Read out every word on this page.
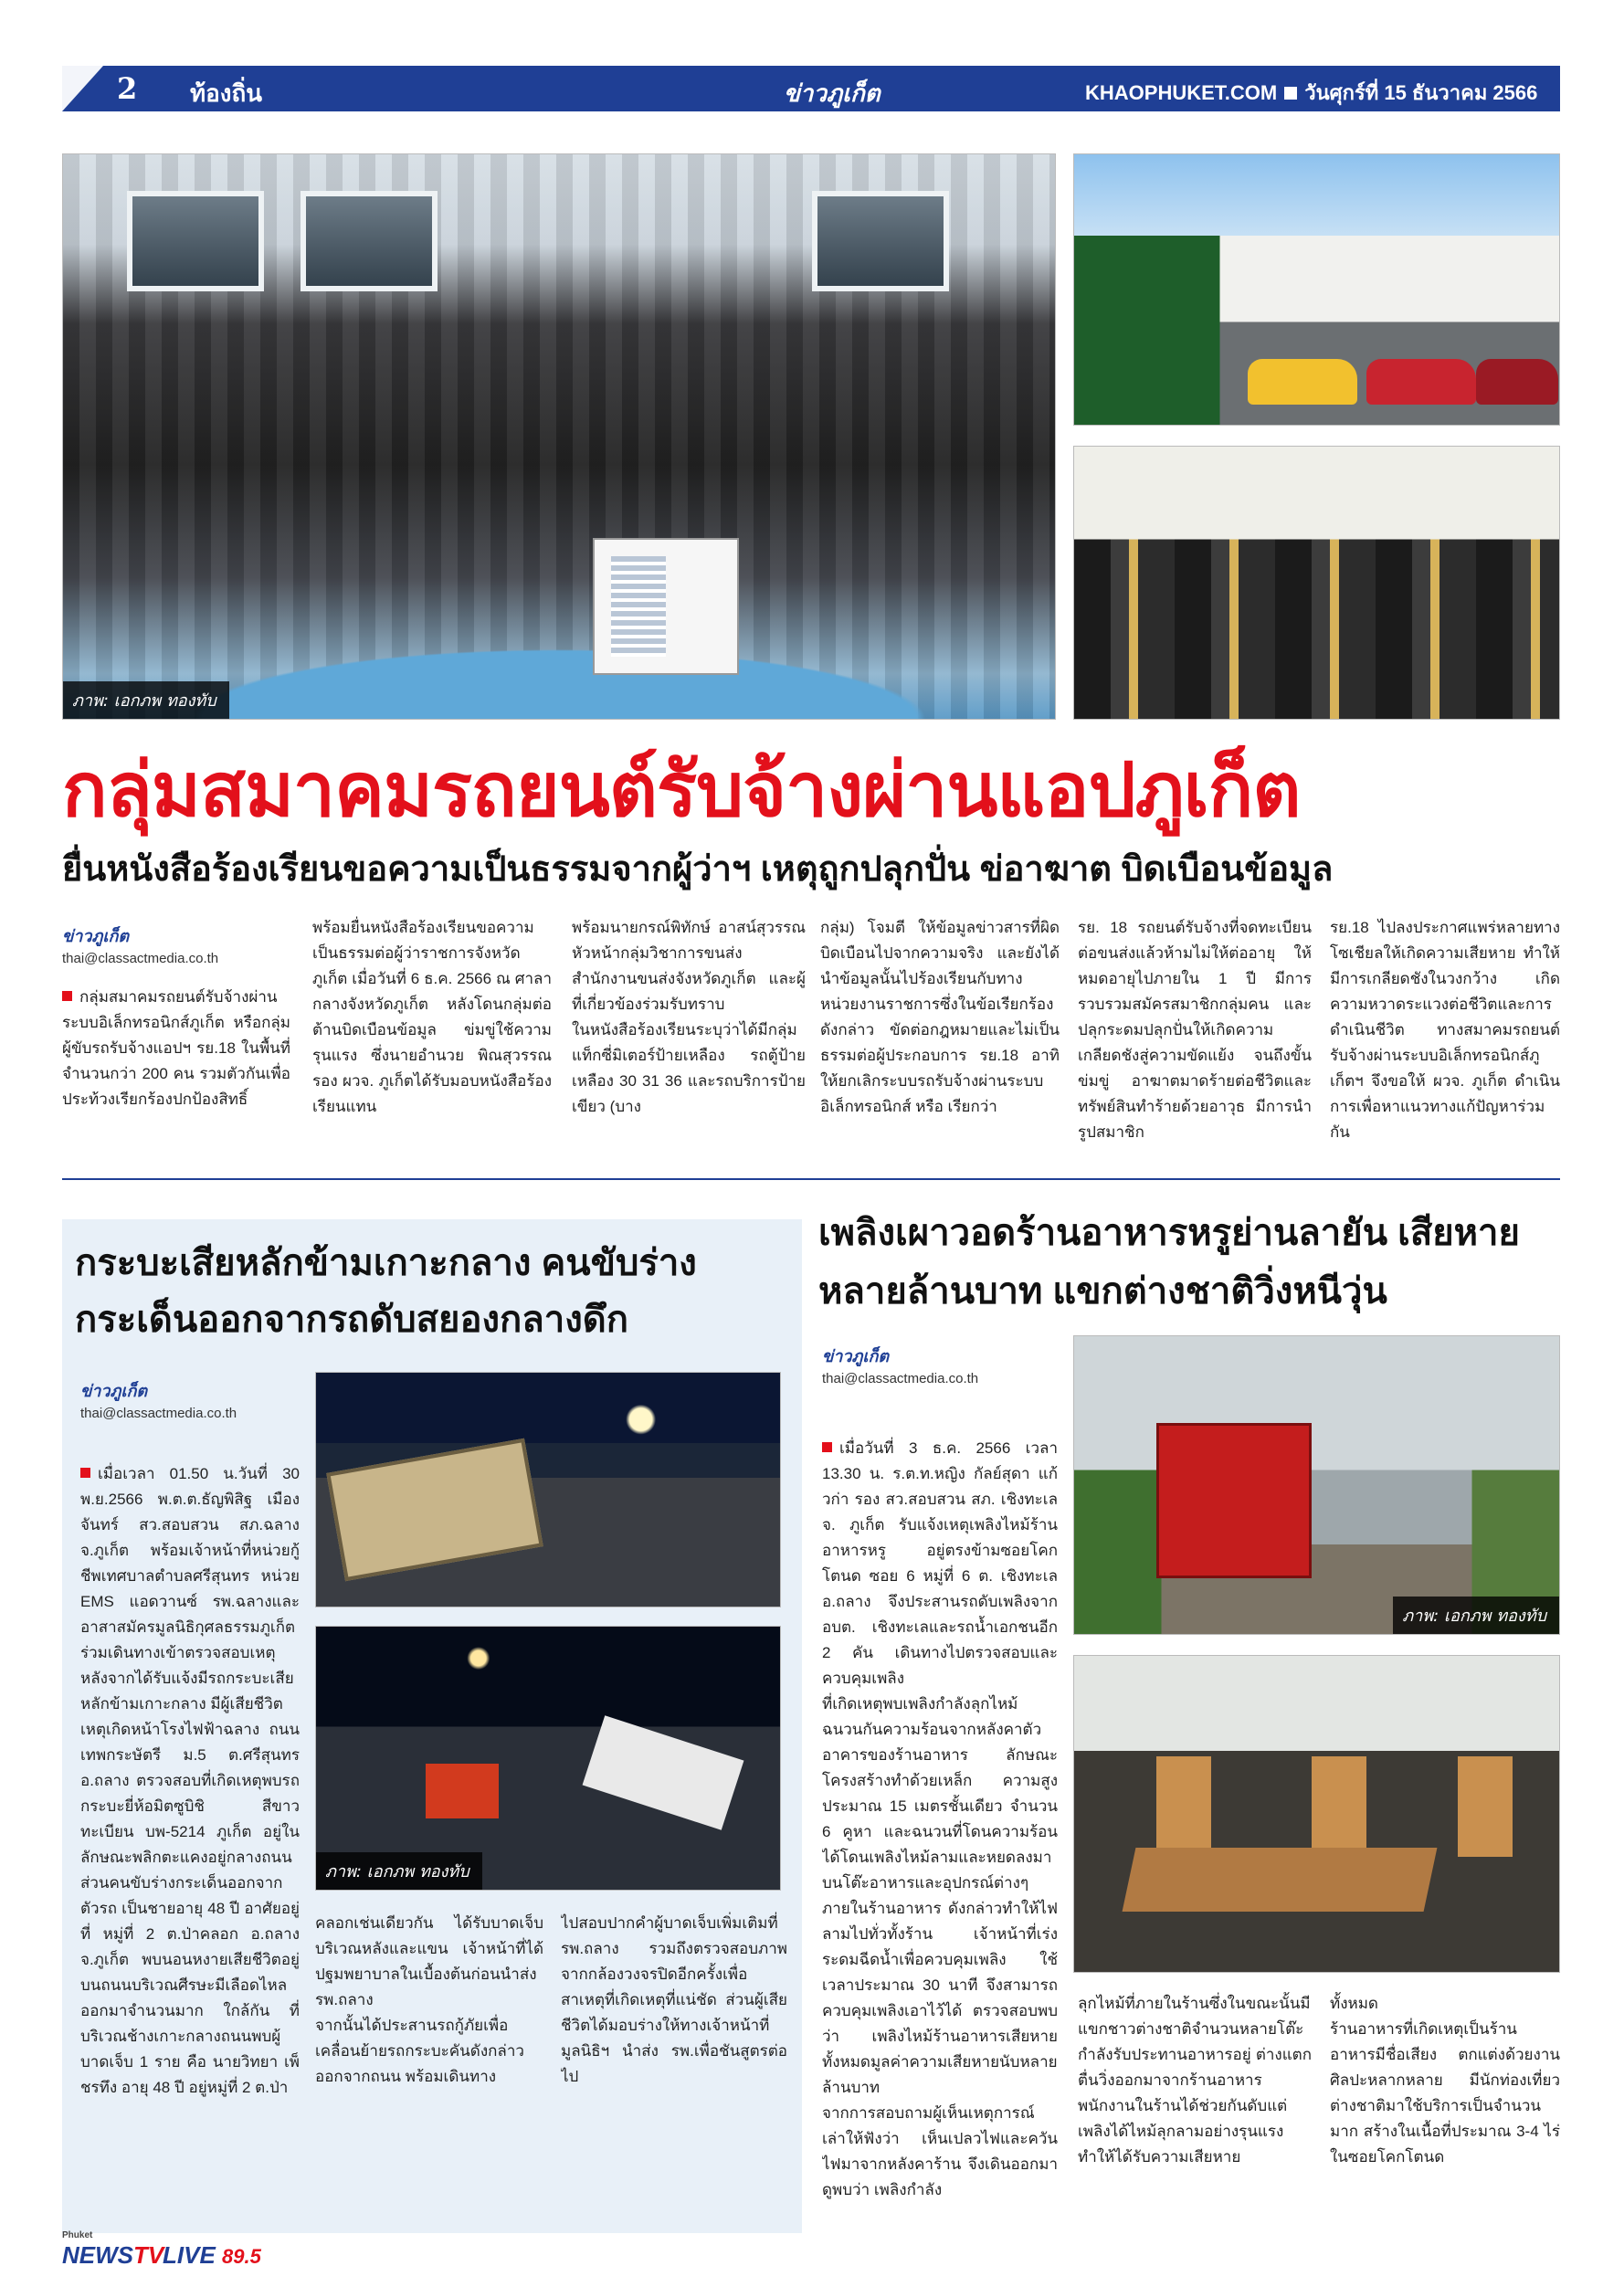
2 ท้องถิ่น	ข่าวภูเก็ต	KHAOPHUKET.COM วันศุกร์ที่ 15 ธันวาคม 2566
ภาพ: เอกภพ ทองทับ
กลุ่มสมาคมรถยนต์รับจ้างผ่านแอปภูเก็ต
ยื่นหนังสือร้องเรียนขอความเป็นธรรมจากผู้ว่าฯ เหตุถูกปลุกปั่น ข่อาฆาต บิดเบือนข้อมูล
ข่าวภูเก็ต
thai@classactmedia.co.th
กลุ่มสมาคมรถยนต์รับจ้างผ่านระบบอิเล็กทรอนิกส์ภูเก็ต หรือกลุ่มผู้ขับรถรับจ้างแอปฯ รย.18 ในพื้นที่ จำนวนกว่า 200 คน รวมตัวกันเพื่อประท้วงเรียกร้องปกป้องสิทธิ์
พร้อมยื่นหนังสือร้องเรียนขอความเป็นธรรมต่อผู้ว่าราชการจังหวัดภูเก็ต เมื่อวันที่ 6 ธ.ค. 2566 ณ ศาลากลางจังหวัดภูเก็ต หลังโดนกลุ่มต่อต้านบิดเบือนข้อมูล ข่มขู่ใช้ความรุนแรง ซึ่งนายอำนวย พิณสุวรรณ รอง ผวจ. ภูเก็ตได้รับมอบหนังสือร้องเรียนแทน
พร้อมนายกรณ์พิทักษ์ อาสน์สุวรรณ หัวหน้ากลุ่มวิชาการขนส่ง สำนักงานขนส่งจังหวัดภูเก็ต และผู้ที่เกี่ยวข้องร่วมรับทราบ
ในหนังสือร้องเรียนระบุว่าได้มีกลุ่มแท็กซี่มิเตอร์ป้ายเหลือง รถตู้ป้ายเหลือง 30 31 36 และรถบริการป้ายเขียว (บาง
กลุ่ม) โจมตี ให้ข้อมูลข่าวสารที่ผิด บิดเบือนไปจากความจริง และยังได้นำข้อมูลนั้นไปร้องเรียนกับทางหน่วยงานราชการซึ่งในข้อเรียกร้องดังกล่าว ขัดต่อกฎหมายและไม่เป็นธรรมต่อผู้ประกอบการ รย.18 อาทิ ให้ยกเลิกระบบรถรับจ้างผ่านระบบอิเล็กทรอนิกส์ หรือ เรียกว่า
รย. 18 รถยนต์รับจ้างที่จดทะเบียนต่อขนส่งแล้วห้ามไม่ให้ต่ออายุ ให้หมดอายุไปภายใน 1 ปี มีการรวบรวมสมัครสมาชิกกลุ่มคน และปลุกระดมปลุกปั่นให้เกิดความเกลียดชังสู่ความขัดแย้ง จนถึงขั้นข่มขู่ อาฆาตมาดร้ายต่อชีวิตและทรัพย์สินทำร้ายด้วยอาวุธ มีการนำรูปสมาชิก
รย.18 ไปลงประกาศแพร่หลายทางโซเชียลให้เกิดความเสียหาย ทำให้มีการเกลียดชังในวงกว้าง เกิดความหวาดระแวงต่อชีวิตและการดำเนินชีวิต ทางสมาคมรถยนต์รับจ้างผ่านระบบอิเล็กทรอนิกส์ภูเก็ตฯ จึงขอให้ ผวจ. ภูเก็ต ดำเนินการเพื่อหาแนวทางแก้ปัญหาร่วมกัน
กระบะเสียหลักข้ามเกาะกลาง คนขับร่างกระเด็นออกจากรถดับสยองกลางดึก
ข่าวภูเก็ต
thai@classactmedia.co.th

เมื่อเวลา 01.50 น.วันที่ 30 พ.ย.2566 พ.ต.ต.ธัญพิสิฐ เมืองจันทร์ สว.สอบสวน สภ.ฉลาง จ.ภูเก็ต พร้อมเจ้าหน้าที่หน่วยกู้ชีพเทศบาลตำบลศรีสุนทร หน่วย EMS แอดวานซ์ รพ.ฉลางและอาสาสมัครมูลนิธิกุศลธรรมภูเก็ต ร่วมเดินทางเข้าตรวจสอบเหตุหลังจากได้รับแจ้งมีรถกระบะเสียหลักข้ามเกาะกลาง มีผู้เสียชีวิต
เหตุเกิดหน้าโรงไฟฟ้าฉลาง ถนนเทพกระษัตรี ม.5 ต.ศรีสุนทร อ.ถลาง ตรวจสอบที่เกิดเหตุพบรถกระบะยี่ห้อมิตซูบิชิ สีขาว ทะเบียน บพ-5214 ภูเก็ต อยู่ในลักษณะพลิกตะแคงอยู่กลางถนน ส่วนคนขับร่างกระเด็นออกจากตัวรถ เป็นชายอายุ 48 ปี อาศัยอยู่ที่ หมู่ที่ 2 ต.ป่าคลอก อ.ถลาง จ.ภูเก็ต พบนอนหงายเสียชีวิตอยู่บนถนนบริเวณศีรษะมีเลือดไหลออกมาจำนวนมาก ใกล้กัน ที่บริเวณช้างเกาะกลางถนนพบผู้บาดเจ็บ 1 ราย คือ นายวิทยา เพ็ชรทึง อายุ 48 ปี อยู่หมู่ที่ 2 ต.ป่า

ภาพ: เอกภพ ทองทับ
คลอกเช่นเดียวกัน ได้รับบาดเจ็บบริเวณหลังและแขน เจ้าหน้าที่ได้ปฐมพยาบาลในเบื้องต้นก่อนนำส่ง รพ.ถลาง
จากนั้นได้ประสานรถกู้ภัยเพื่อเคลื่อนย้ายรถกระบะคันดังกล่าวออกจากถนน พร้อมเดินทาง
ไปสอบปากคำผู้บาดเจ็บเพิ่มเติมที่ รพ.ถลาง รวมถึงตรวจสอบภาพจากกล้องวงจรปิดอีกครั้งเพื่อสาเหตุที่เกิดเหตุที่แน่ชัด ส่วนผู้เสียชีวิตได้มอบร่างให้ทางเจ้าหน้าที่มูลนิธิฯ นำส่ง รพ.เพื่อชันสูตรต่อไป
เพลิงเผาวอดร้านอาหารหรูย่านลายัน เสียหายหลายล้านบาท แขกต่างชาติวิ่งหนีวุ่น
ข่าวภูเก็ต
thai@classactmedia.co.th

เมื่อวันที่ 3 ธ.ค. 2566 เวลา 13.30 น. ร.ต.ท.หญิง กัลย์สุดา แก้วก่า รอง สว.สอบสวน สภ. เชิงทะเล จ. ภูเก็ต รับแจ้งเหตุเพลิงไหม้ร้านอาหารหรู อยู่ตรงข้ามซอยโคกโตนด ซอย 6 หมู่ที่ 6 ต. เชิงทะเล อ.ถลาง จึงประสานรถดับเพลิงจาก อบต. เชิงทะเลและรถน้ำเอกชนอีก 2 คัน เดินทางไปตรวจสอบและควบคุมเพลิง
ที่เกิดเหตุพบเพลิงกำลังลุกไหม้ฉนวนกันความร้อนจากหลังคาตัวอาคารของร้านอาหาร ลักษณะโครงสร้างทำด้วยเหล็ก ความสูงประมาณ 15 เมตรชั้นเดียว จำนวน 6 คูหา และฉนวนที่โดนความร้อนได้โดนเพลิงไหม้ลามและหยดลงมาบนโต๊ะอาหารและอุปกรณ์ต่างๆ ภายในร้านอาหาร ดังกล่าวทำให้ไฟลามไปทั่วทั้งร้าน เจ้าหน้าที่เร่งระดมฉีดน้ำเพื่อควบคุมเพลิง ใช้เวลาประมาณ 30 นาที จึงสามารถควบคุมเพลิงเอาไว้ได้ ตรวจสอบพบว่า เพลิงไหม้ร้านอาหารเสียหายทั้งหมดมูลค่าความเสียหายนับหลายล้านบาท
จากการสอบถามผู้เห็นเหตุการณ์ เล่าให้ฟังว่า เห็นเปลวไฟและควันไฟมาจากหลังคาร้าน จึงเดินออกมาดูพบว่า เพลิงกำลัง

ภาพ: เอกภพ ทองทับ
ลุกไหม้ที่ภายในร้านซึ่งในขณะนั้นมีแขกชาวต่างชาติจำนวนหลายโต๊ะ กำลังรับประทานอาหารอยู่ ต่างแตกตื่นวิ่งออกมาจากร้านอาหาร พนักงานในร้านได้ช่วยกันดับแต่เพลิงได้ไหม้ลุกลามอย่างรุนแรง ทำให้ได้รับความเสียหาย
ทั้งหมด
ร้านอาหารที่เกิดเหตุเป็นร้านอาหารมีชื่อเสียง ตกแต่งด้วยงานศิลปะหลากหลาย มีนักท่องเที่ยวต่างชาติมาใช้บริการเป็นจำนวนมาก สร้างในเนื้อที่ประมาณ 3-4 ไร่ในซอยโคกโตนด
Phuket
NEWSTV
LIVE 89.5
